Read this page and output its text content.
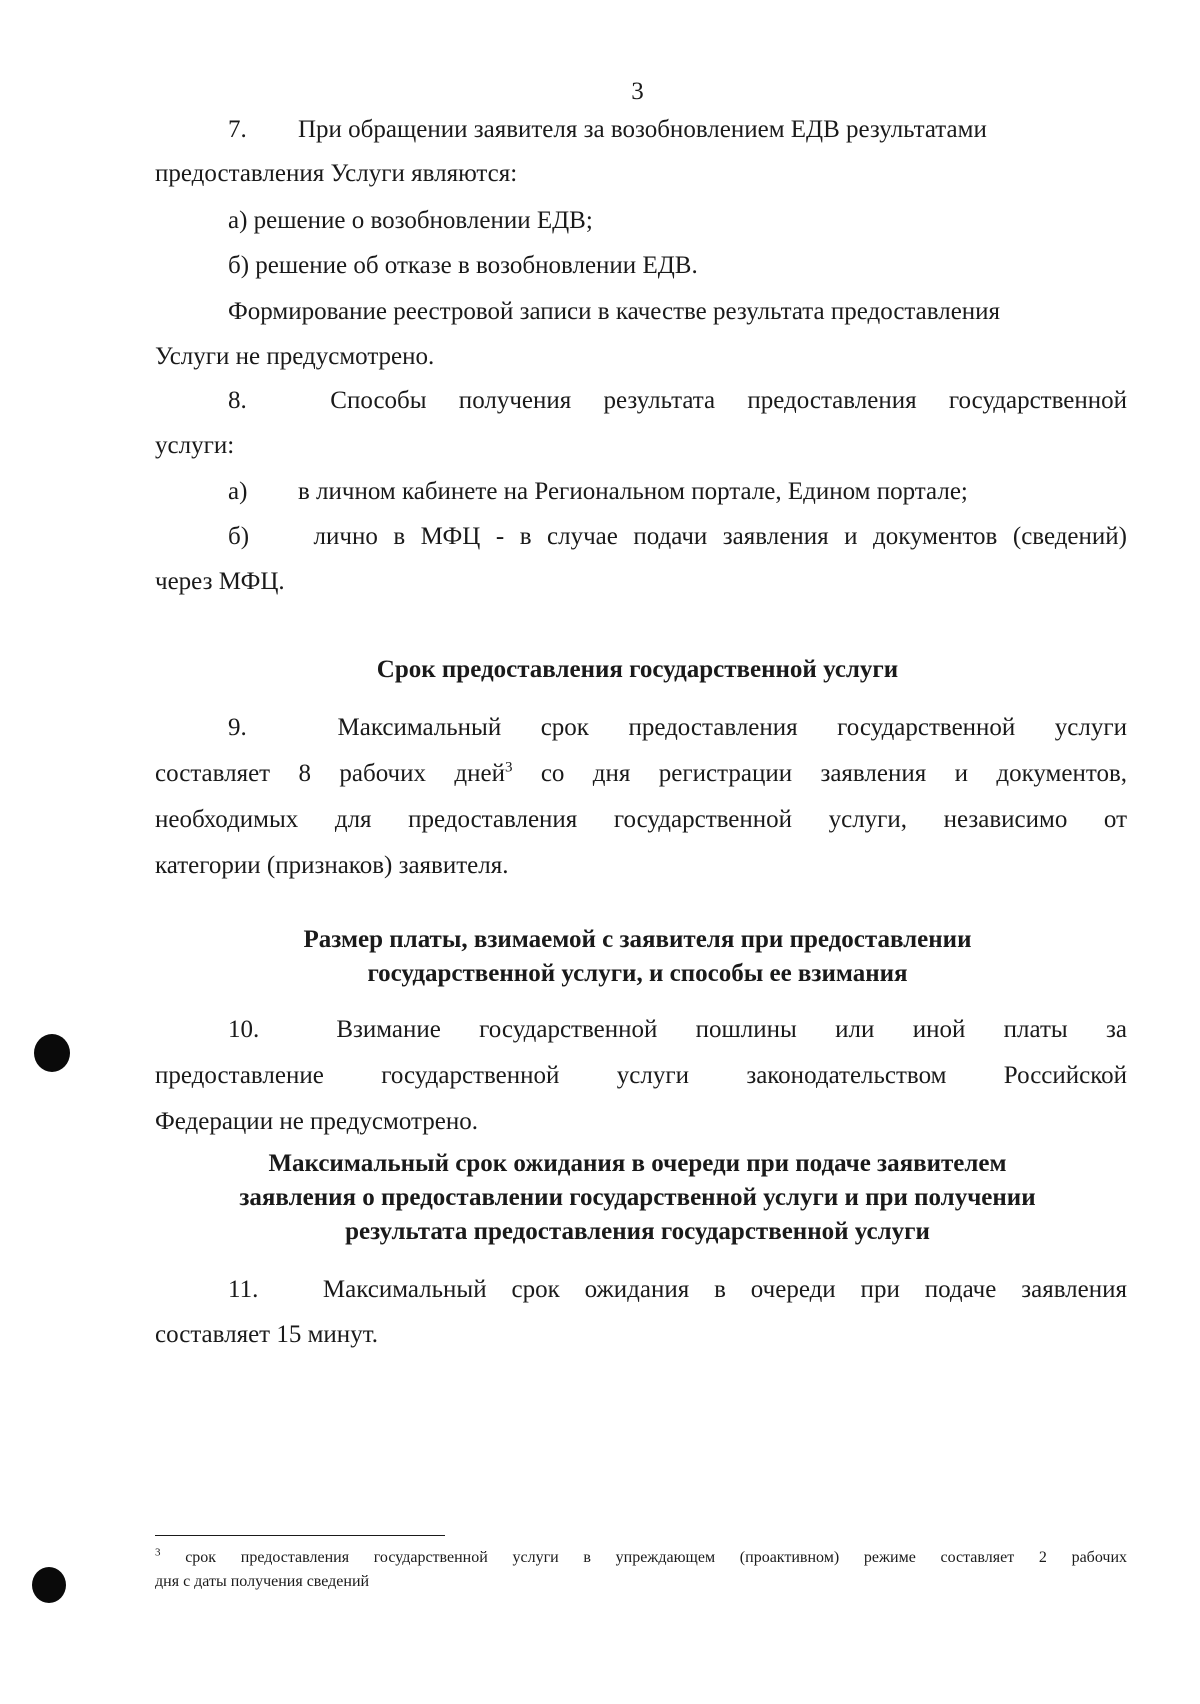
3
7. При обращении заявителя за возобновлением ЕДВ результатами
предоставления Услуги являются:
а) решение о возобновлении ЕДВ;
б) решение об отказе в возобновлении ЕДВ.
Формирование реестровой записи в качестве результата предоставления
Услуги не предусмотрено.
8.	Способы получения результата предоставления государственной
услуги:
а) в личном кабинете на Региональном портале, Едином портале;
б)	лично в МФЦ - в случае подачи заявления и документов (сведений)
через МФЦ.
Срок предоставления государственной услуги
9.	Максимальный срок предоставления государственной услуги
составляет 8 рабочих дней$^3$ со дня регистрации заявления и документов,
необходимых для предоставления государственной услуги, независимо от
категории (признаков) заявителя.
Размер платы, взимаемой с заявителя при предоставлении
государственной услуги, и способы ее взимания
10.	Взимание государственной пошлины или иной платы за
предоставление государственной услуги законодательством Российской
Федерации не предусмотрено.
Максимальный срок ожидания в очереди при подаче заявителем
заявления о предоставлении государственной услуги и при получении
результата предоставления государственной услуги
11.	Максимальный срок ожидания в очереди при подаче заявления
составляет 15 минут.
$^3$ срок предоставления государственной услуги в упреждающем (проактивном) режиме составляет 2 рабочих
дня с даты получения сведений
